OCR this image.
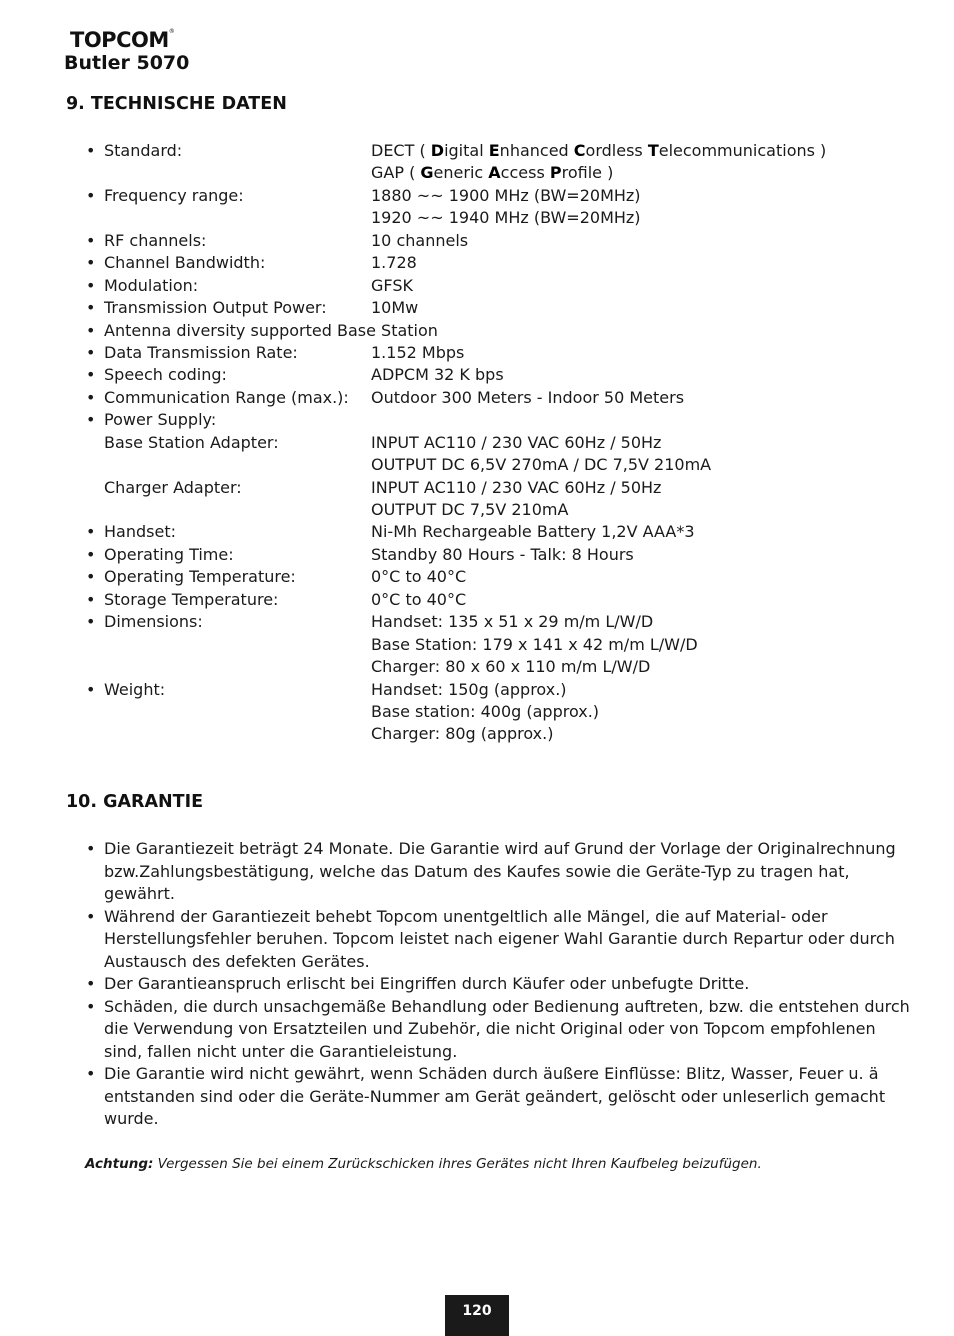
TOPCOM®
Butler 5070
9. TECHNISCHE DATEN
• Standard:	DECT ( Digital Enhanced Cordless Telecommunications )
GAP ( Generic Access Profile )
• Frequency range:	1880 ~~ 1900 MHz (BW=20MHz)
1920 ~~ 1940 MHz (BW=20MHz)
• RF channels:	10 channels
• Channel Bandwidth:	1.728
• Modulation:	GFSK
• Transmission Output Power:	10Mw
• Antenna diversity supported Base Station
• Data Transmission Rate:	1.152 Mbps
• Speech coding:	ADPCM 32 K bps
• Communication Range (max.): Outdoor 300 Meters - Indoor 50 Meters
• Power Supply:
Base Station Adapter:	INPUT AC110 / 230 VAC 60Hz / 50Hz
OUTPUT DC 6,5V 270mA / DC 7,5V 210mA
Charger Adapter:	INPUT AC110 / 230 VAC 60Hz / 50Hz
OUTPUT DC 7,5V 210mA
• Handset:	Ni-Mh Rechargeable Battery 1,2V AAA*3
• Operating Time:	Standby 80 Hours - Talk: 8 Hours
• Operating Temperature:	0°C to 40°C
• Storage Temperature:	0°C to 40°C
• Dimensions:	Handset: 135 x 51 x 29 m/m L/W/D
Base Station: 179 x 141 x 42 m/m L/W/D
Charger: 80 x 60 x 110 m/m L/W/D
• Weight:	Handset: 150g (approx.)
Base station: 400g (approx.)
Charger: 80g (approx.)
10. GARANTIE
• Die Garantiezeit beträgt 24 Monate. Die Garantie wird auf Grund der Vorlage der Originalrechnung
bzw.Zahlungsbestätigung, welche das Datum des Kaufes sowie die Geräte-Typ zu tragen hat,
gewährt.
• Während der Garantiezeit behebt Topcom unentgeltlich alle Mängel, die auf Material- oder
Herstellungsfehler beruhen. Topcom leistet nach eigener Wahl Garantie durch Repartur oder durch
Austausch des defekten Gerätes.
• Der Garantieanspruch erlischt bei Eingriffen durch Käufer oder unbefugte Dritte.
• Schäden, die durch unsachgemäße Behandlung oder Bedienung auftreten, bzw. die entstehen durch
die Verwendung von Ersatzteilen und Zubehör, die nicht Original oder von Topcom empfohlenen
sind, fallen nicht unter die Garantieleistung.
• Die Garantie wird nicht gewährt, wenn Schäden durch äußere Einflüsse: Blitz, Wasser, Feuer u. ä
entstanden sind oder die Geräte-Nummer am Gerät geändert, gelöscht oder unleserlich gemacht
wurde.
Achtung: Vergessen Sie bei einem Zurückschicken ihres Gerätes nicht Ihren Kaufbeleg beizufügen.
120
